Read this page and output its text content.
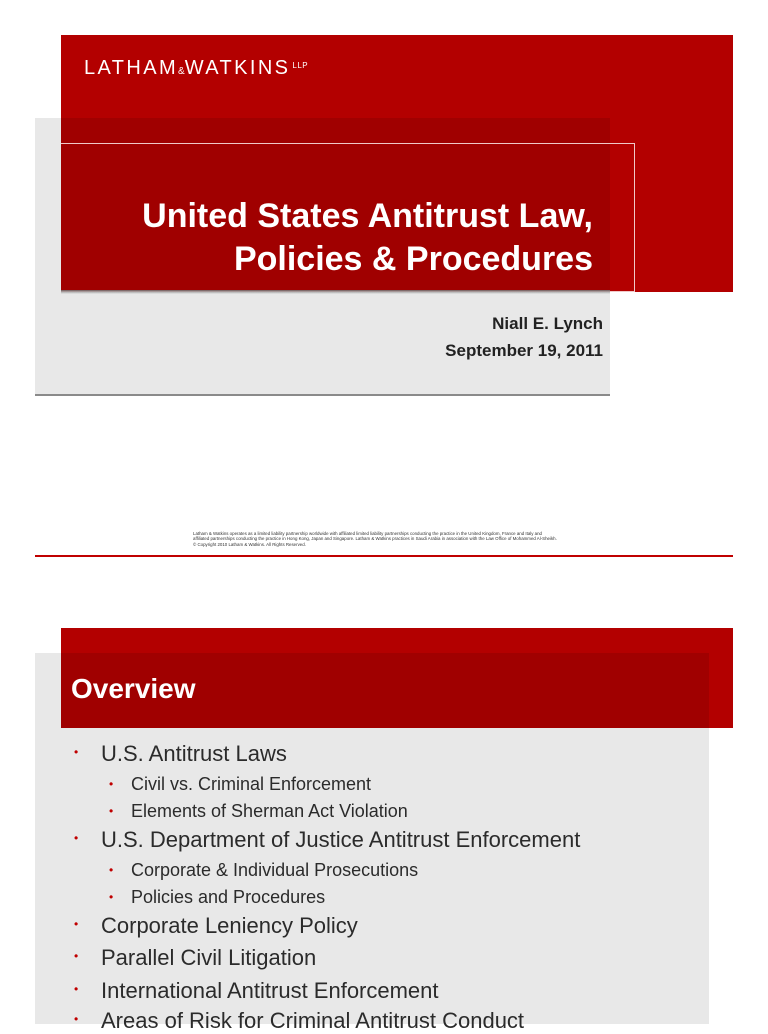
LATHAM&WATKINS $^{LLP}$
United States Antitrust Law,
Policies & Procedures
Niall E. Lynch
September 19, 2011
Latham & Watkins operates as a limited liability partnership worldwide with affiliated limited liability partnerships conducting the practice in the United Kingdom, France and Italy and
affiliated partnerships conducting the practice in Hong Kong, Japan and Singapore. Latham & Watkins practices in Saudi Arabia in association with the Law Office of Mohammed Al-Sheikh.
© Copyright 2010 Latham & Watkins. All Rights Reserved.
Overview
• U.S. Antitrust Laws
• Civil vs. Criminal Enforcement
• Elements of Sherman Act Violation
• U.S. Department of Justice Antitrust Enforcement
• Corporate & Individual Prosecutions
• Policies and Procedures
• Corporate Leniency Policy
• Parallel Civil Litigation
• International Antitrust Enforcement
• Areas of Risk for Criminal Antitrust Conduct
